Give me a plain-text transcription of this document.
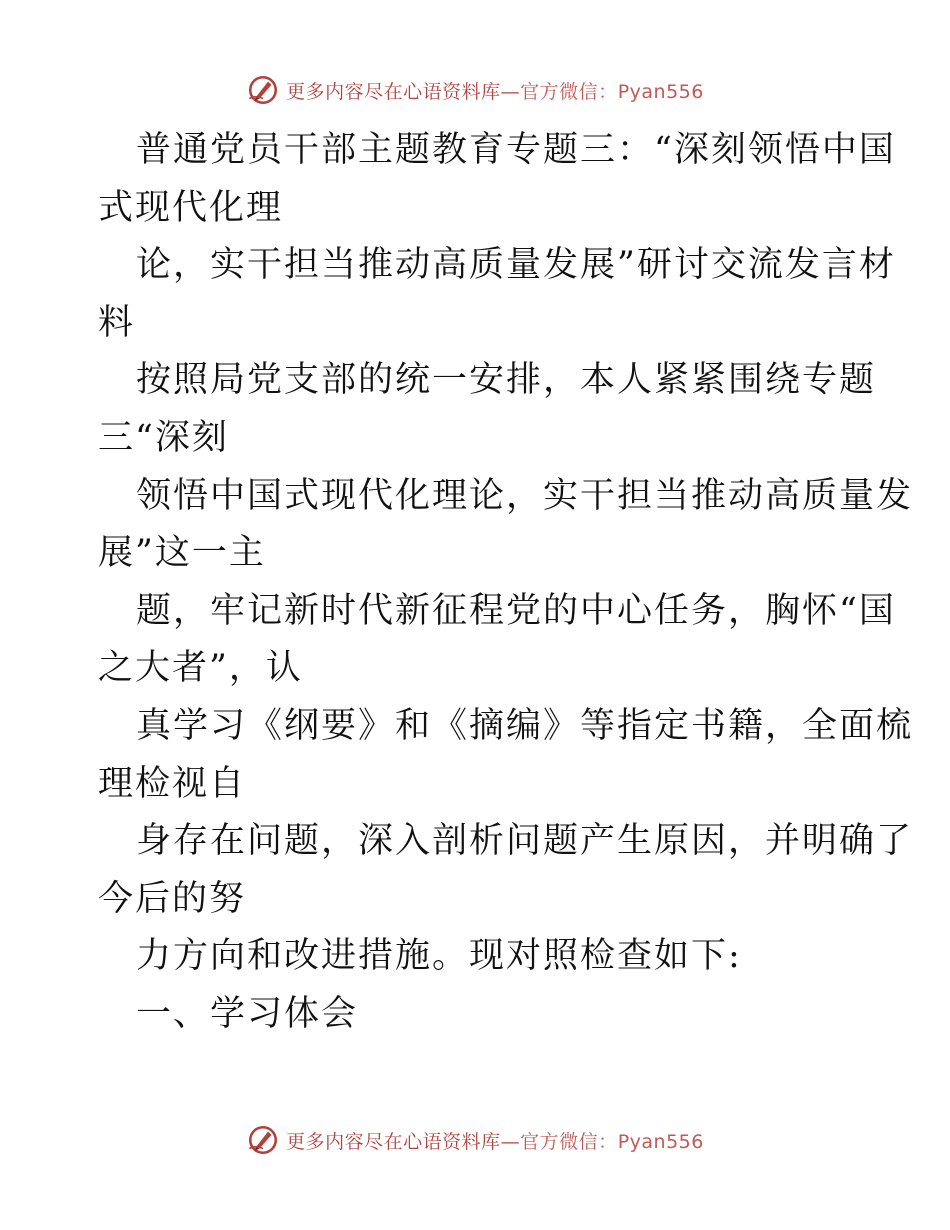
更多内容尽在心语资料库—官方微信：Pyan556
普通党员干部主题教育专题三：“深刻领悟中国
式现代化理
论，实干担当推动高质量发展”研讨交流发言材
料
按照局党支部的统一安排，本人紧紧围绕专题
三“深刻
领悟中国式现代化理论，实干担当推动高质量发
展”这一主
题，牢记新时代新征程党的中心任务，胸怀“国
之大者”，认
真学习《纲要》和《摘编》等指定书籍，全面梳
理检视自
身存在问题，深入剖析问题产生原因，并明确了
今后的努
力方向和改进措施。现对照检查如下:
一、学习体会
更多内容尽在心语资料库—官方微信：Pyan556
